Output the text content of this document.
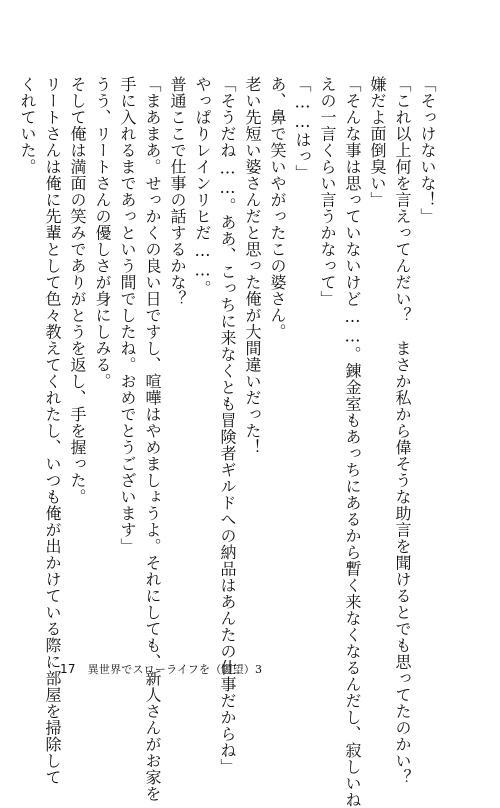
「そっけないな！」

「これ以上何を言えってんだい？　まさか私から偉そうな助言を聞けるとでも思ってたのかい？

嫌だよ面倒臭い」

「そんな事は思っていないけど……。錬金室もあっちにあるから暫く来なくなるんだし、寂しいね

えの一言くらい言うかなって」

「……はっ」

あ、鼻で笑いやがったこの婆さん。

老い先短い婆さんだと思った俺が大間違いだった！

「そうだね……。ああ、こっちに来なくとも冒険者ギルドへの納品はあんたの仕事だからね」

やっぱりレインリヒだ……。

普通ここで仕事の話するかな？

「まあまあ。せっかくの良い日ですし、喧嘩はやめましょうよ。それにしても、新人さんがお家を

手に入れるまであっという間でしたね。おめでとうございます」

うう、リートさんの優しさが身にしみる。

そして俺は満面の笑みでありがとうを返し、手を握った。

リートさんは俺に先輩として色々教えてくれたし、いつも俺が出かけている際に部屋を掃除して

くれていた。

17 異世界でスローライフを（願望）3
